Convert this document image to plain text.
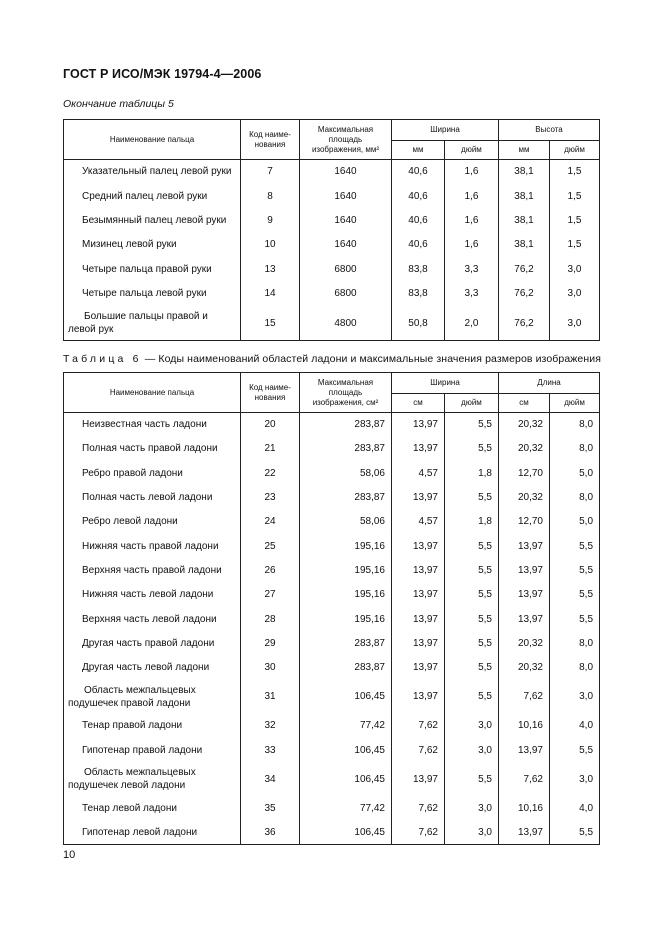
ГОСТ Р ИСО/МЭК 19794-4—2006
Окончание таблицы 5
Наименование пальца	Код наиме-нования	Максимальная площадь изображения, мм²	Ширина		Высота	
			мм	дюйм	мм	дюйм
Указательный палец левой руки	7	1640	40,6	1,6	38,1	1,5
Средний палец левой руки	8	1640	40,6	1,6	38,1	1,5
Безымянный палец левой руки	9	1640	40,6	1,6	38,1	1,5
Мизинец левой руки	10	1640	40,6	1,6	38,1	1,5
Четыре пальца правой руки	13	6800	83,8	3,3	76,2	3,0
Четыре пальца левой руки	14	6800	83,8	3,3	76,2	3,0
Большие пальцы правой и левой рук	15	4800	50,8	2,0	76,2	3,0
Таблица 6 — Коды наименований областей ладони и максимальные значения размеров изображения
Наименование пальца	Код наиме-нования	Максимальная площадь изображения, см²	Ширина		Длина	
			см	дюйм	см	дюйм
Неизвестная часть ладони	20	283,87	13,97	5,5	20,32	8,0
Полная часть правой ладони	21	283,87	13,97	5,5	20,32	8,0
Ребро правой ладони	22	58,06	4,57	1,8	12,70	5,0
Полная часть левой ладони	23	283,87	13,97	5,5	20,32	8,0
Ребро левой ладони	24	58,06	4,57	1,8	12,70	5,0
Нижняя часть правой ладони	25	195,16	13,97	5,5	13,97	5,5
Верхняя часть правой ладони	26	195,16	13,97	5,5	13,97	5,5
Нижняя часть левой ладони	27	195,16	13,97	5,5	13,97	5,5
Верхняя часть левой ладони	28	195,16	13,97	5,5	13,97	5,5
Другая часть правой ладони	29	283,87	13,97	5,5	20,32	8,0
Другая часть левой ладони	30	283,87	13,97	5,5	20,32	8,0
Область межпальцевых подушечек правой ладони	31	106,45	13,97	5,5	7,62	3,0
Тенар правой ладони	32	77,42	7,62	3,0	10,16	4,0
Гипотенар правой ладони	33	106,45	7,62	3,0	13,97	5,5
Область межпальцевых подушечек левой ладони	34	106,45	13,97	5,5	7,62	3,0
Тенар левой ладони	35	77,42	7,62	3,0	10,16	4,0
Гипотенар левой ладони	36	106,45	7,62	3,0	13,97	5,5
10
